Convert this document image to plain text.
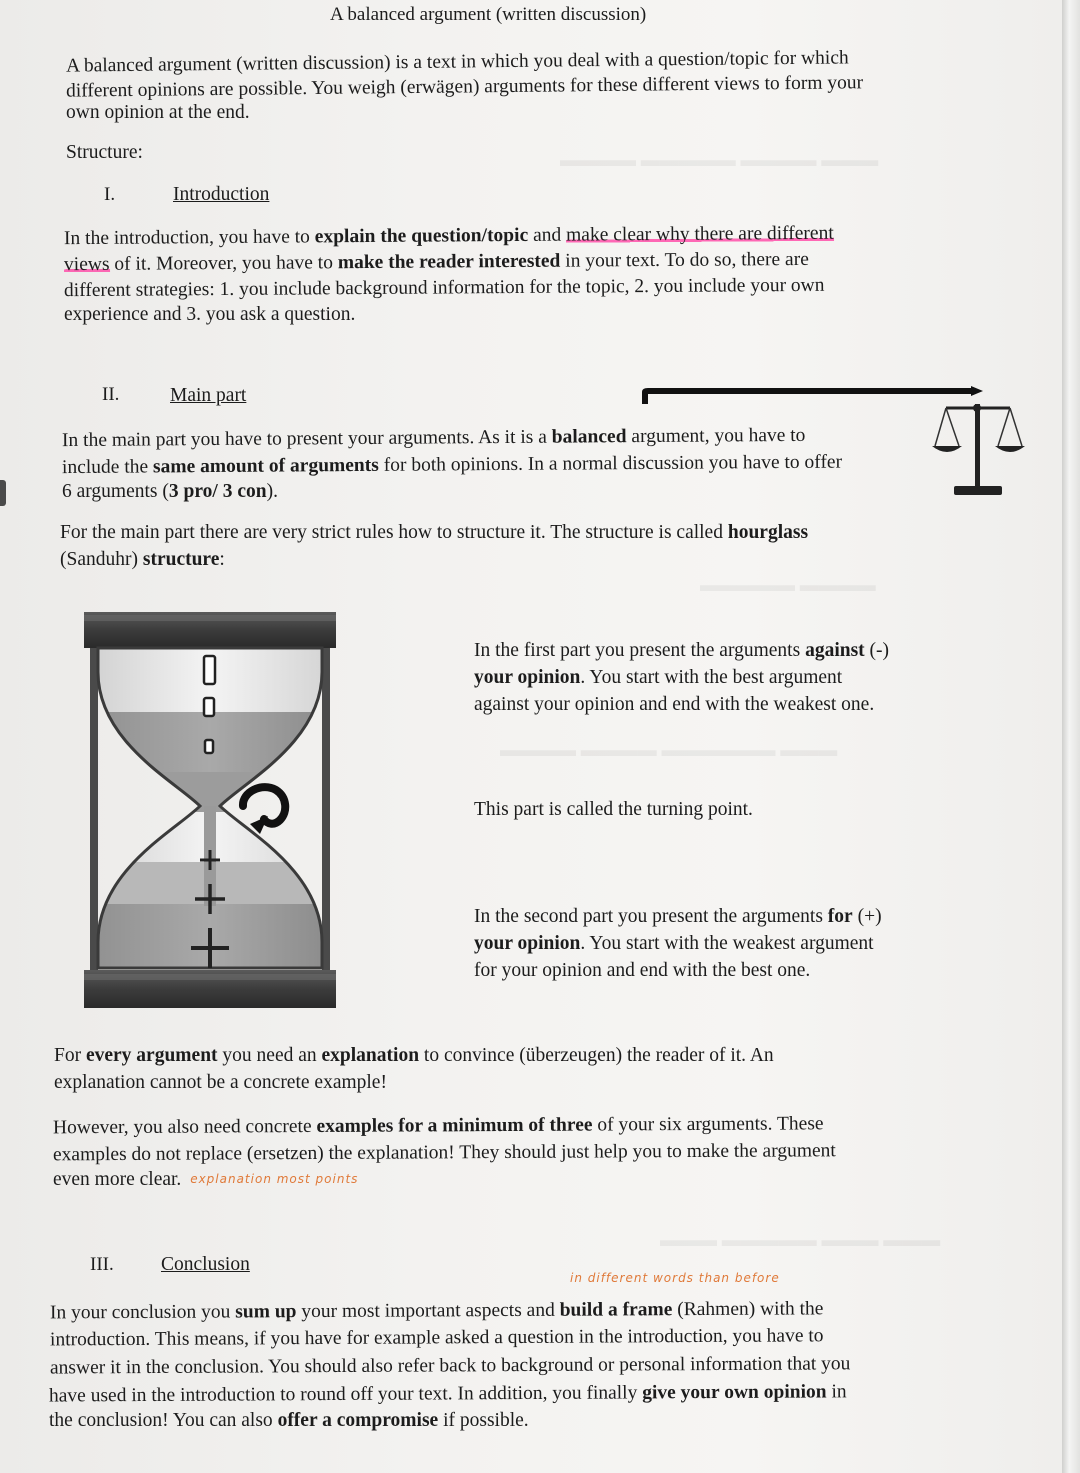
▬▬▬▬ ▬▬▬▬▬ ▬▬▬▬ ▬▬▬
▬▬▬▬▬ ▬▬▬▬
▬▬▬▬ ▬▬▬▬ ▬▬▬▬▬▬ ▬▬▬
▬▬▬ ▬▬▬▬▬ ▬▬▬ ▬▬▬
A balanced argument (written discussion)
A balanced argument (written discussion) is a text in which you deal with a question/topic for which
different opinions are possible. You weigh (erwägen) arguments for these different views to form your
own opinion at the end.
Structure:
I.	Introduction
In the introduction, you have to explain the question/topic and make clear why there are different
views of it. Moreover, you have to make the reader interested in your text. To do so, there are
different strategies: 1. you include background information for the topic, 2. you include your own
experience and 3. you ask a question.
II.	Main part
In the main part you have to present your arguments. As it is a balanced argument, you have to
include the same amount of arguments for both opinions. In a normal discussion you have to offer
6 arguments (3 pro/ 3 con).
For the main part there are very strict rules how to structure it. The structure is called hourglass
(Sanduhr) structure:
In the first part you present the arguments against (-)
your opinion. You start with the best argument
against your opinion and end with the weakest one.
This part is called the turning point.
In the second part you present the arguments for (+)
your opinion. You start with the weakest argument
for your opinion and end with the best one.
For every argument you need an explanation to convince (überzeugen) the reader of it. An
explanation cannot be a concrete example!
However, you also need concrete examples for a minimum of three of your six arguments. These
examples do not replace (ersetzen) the explanation! They should just help you to make the argument
even more clear. explanation most points
III. Conclusion
in different words than before
In your conclusion you sum up your most important aspects and build a frame (Rahmen) with the
introduction. This means, if you have for example asked a question in the introduction, you have to
answer it in the conclusion. You should also refer back to background or personal information that you
have used in the introduction to round off your text. In addition, you finally give your own opinion in
the conclusion! You can also offer a compromise if possible.
